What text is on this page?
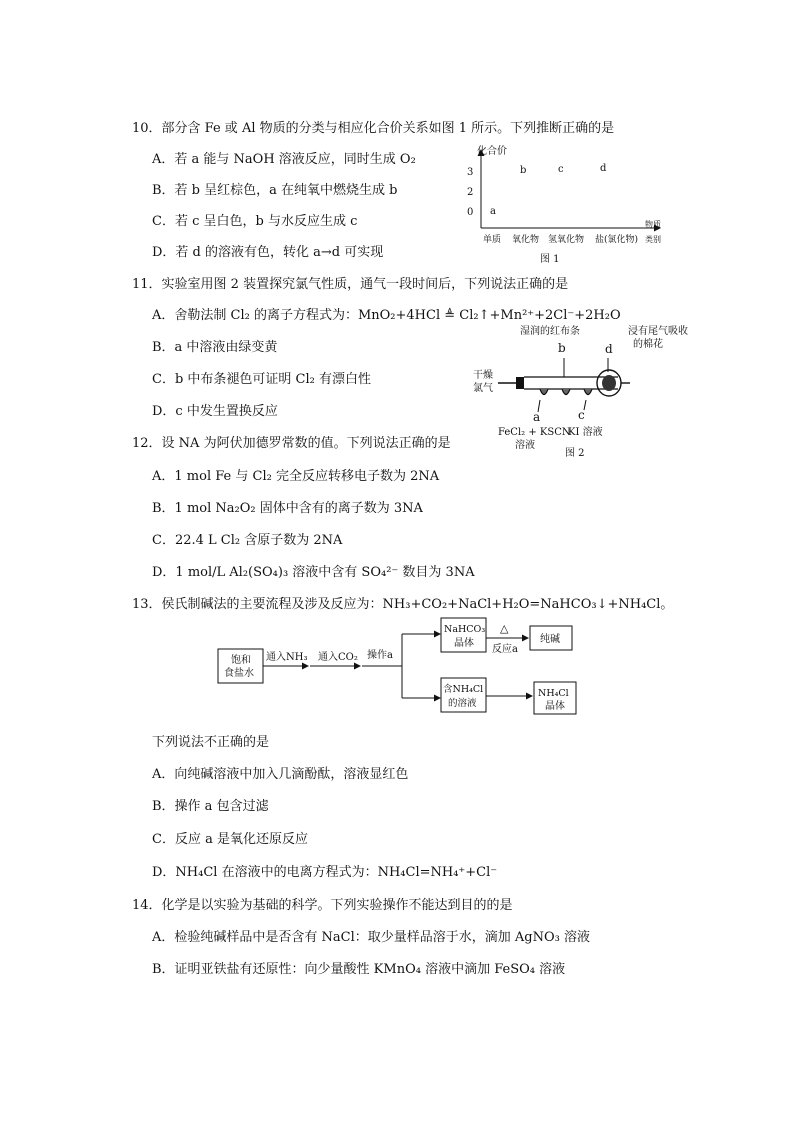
10．部分含 Fe 或 Al 物质的分类与相应化合价关系如图 1 所示。下列推断正确的是
A．若 a 能与 NaOH 溶液反应，同时生成 O₂
B．若 b 呈红棕色，a 在纯氧中燃烧生成 b
C．若 c 呈白色，b 与水反应生成 c
D．若 d 的溶液有色，转化 a→d 可实现
化合价
3
2
0 a
b	c	d
单质 氧化物 氢氧化物 盐(氯化物)
物质
类别
图 1
11．实验室用图 2 装置探究氯气性质，通气一段时间后，下列说法正确的是
A．舍勒法制 Cl₂ 的离子方程式为：MnO₂+4HCl ≜ Cl₂↑+Mn²⁺+2Cl⁻+2H₂O
B．a 中溶液由绿变黄
C．b 中布条褪色可证明 Cl₂ 有漂白性
D．c 中发生置换反应
湿润的红布条	浸有尾气吸收
的棉花
b	d
干燥
氯气
a	c
FeCl₂ + KSCN
溶液
KI 溶液
图 2
12．设 NA 为阿伏加德罗常数的值。下列说法正确的是
A．1 mol Fe 与 Cl₂ 完全反应转移电子数为 2NA
B．1 mol Na₂O₂ 固体中含有的离子数为 3NA
C．22.4 L Cl₂ 含原子数为 2NA
D．1 mol/L Al₂(SO₄)₃ 溶液中含有 SO₄²⁻ 数目为 3NA
13．侯氏制碱法的主要流程及涉及反应为：NH₃+CO₂+NaCl+H₂O=NaHCO₃↓+NH₄Cl。
饱和
食盐水
通入NH₃ 通入CO₂ 操作a
NaHCO₃
晶体
△
反应a
纯碱
含NH₄Cl
的溶液
NH₄Cl
晶体
下列说法不正确的是
A．向纯碱溶液中加入几滴酚酞，溶液显红色
B．操作 a 包含过滤
C．反应 a 是氧化还原反应
D．NH₄Cl 在溶液中的电离方程式为：NH₄Cl=NH₄⁺+Cl⁻
14．化学是以实验为基础的科学。下列实验操作不能达到目的的是
A．检验纯碱样品中是否含有 NaCl：取少量样品溶于水，滴加 AgNO₃ 溶液
B．证明亚铁盐有还原性：向少量酸性 KMnO₄ 溶液中滴加 FeSO₄ 溶液
